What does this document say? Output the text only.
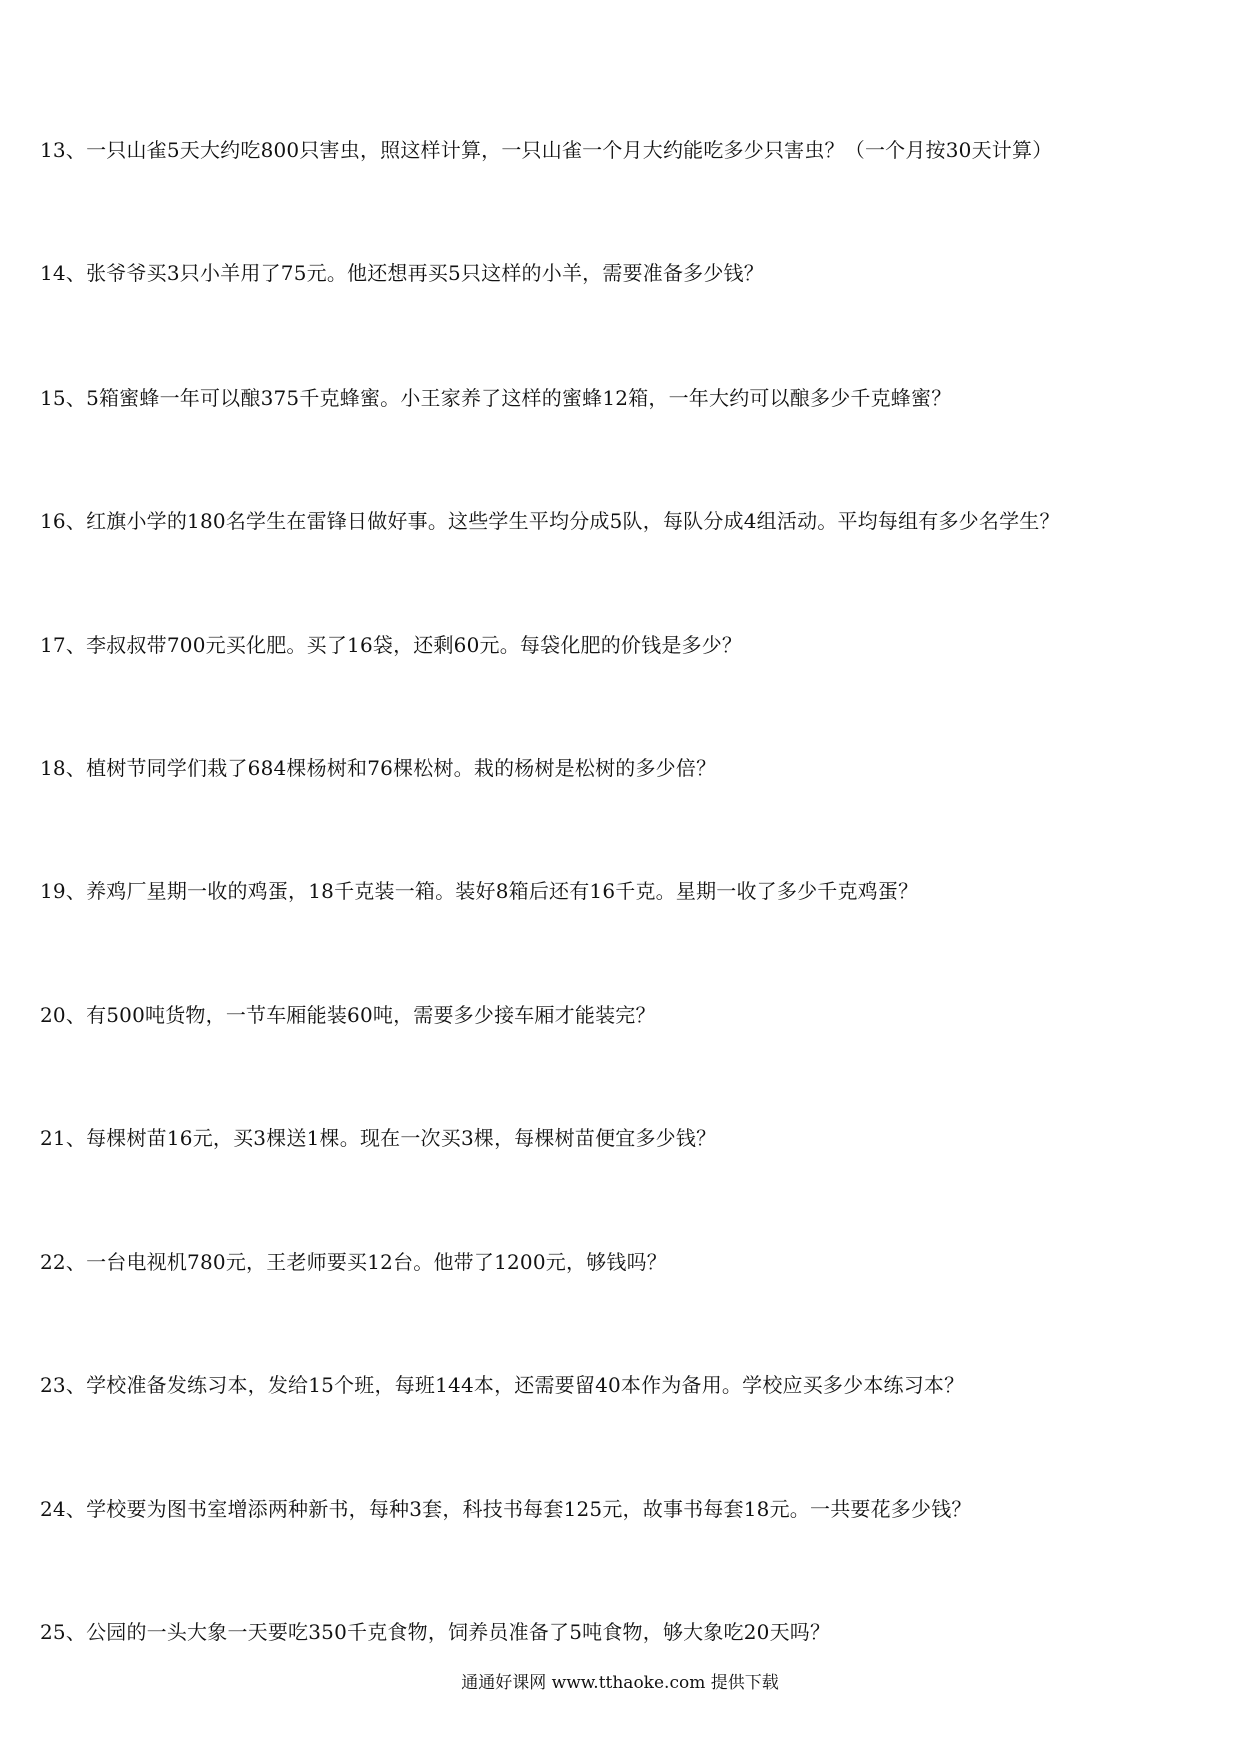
13、一只山雀5天大约吃800只害虫，照这样计算，一只山雀一个月大约能吃多少只害虫？（一个月按30天计算）
14、张爷爷买3只小羊用了75元。他还想再买5只这样的小羊，需要准备多少钱？
15、5箱蜜蜂一年可以酿375千克蜂蜜。小王家养了这样的蜜蜂12箱，一年大约可以酿多少千克蜂蜜？
16、红旗小学的180名学生在雷锋日做好事。这些学生平均分成5队，每队分成4组活动。平均每组有多少名学生？
17、李叔叔带700元买化肥。买了16袋，还剩60元。每袋化肥的价钱是多少？
18、植树节同学们栽了684棵杨树和76棵松树。栽的杨树是松树的多少倍？
19、养鸡厂星期一收的鸡蛋，18千克装一箱。装好8箱后还有16千克。星期一收了多少千克鸡蛋？
20、有500吨货物，一节车厢能装60吨，需要多少接车厢才能装完？
21、每棵树苗16元，买3棵送1棵。现在一次买3棵，每棵树苗便宜多少钱？
22、一台电视机780元，王老师要买12台。他带了1200元，够钱吗？
23、学校准备发练习本，发给15个班，每班144本，还需要留40本作为备用。学校应买多少本练习本？
24、学校要为图书室增添两种新书，每种3套，科技书每套125元，故事书每套18元。一共要花多少钱？
25、公园的一头大象一天要吃350千克食物，饲养员准备了5吨食物，够大象吃20天吗？
通通好课网 www.tthaoke.com 提供下载
